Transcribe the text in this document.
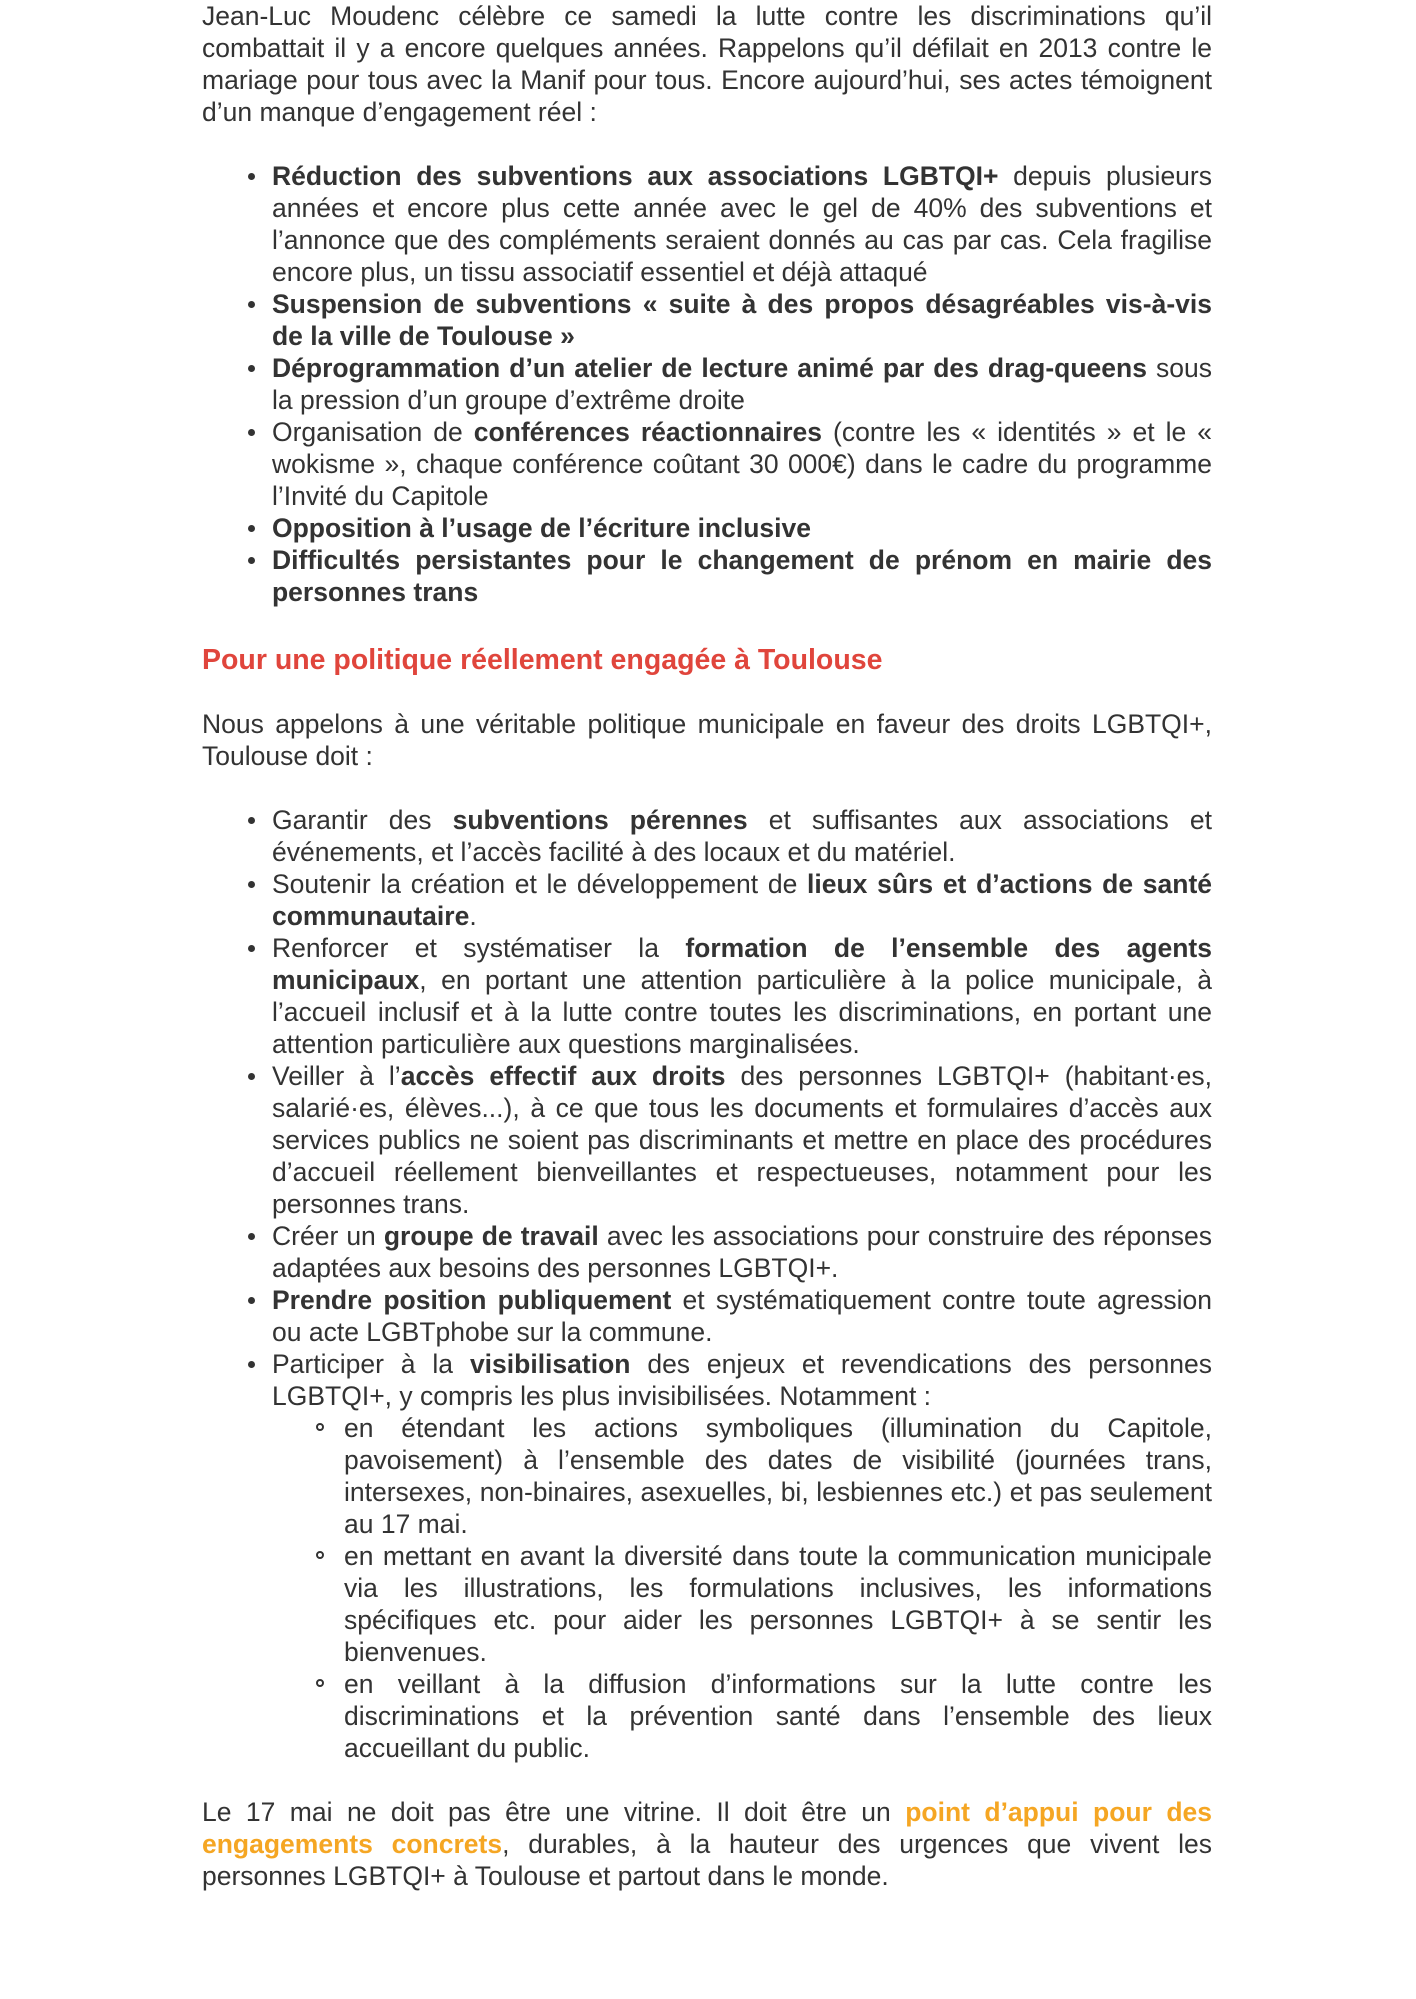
Jean-Luc Moudenc célèbre ce samedi la lutte contre les discriminations qu’il combattait il y a encore quelques années. Rappelons qu’il défilait en 2013 contre le mariage pour tous avec la Manif pour tous. Encore aujourd’hui, ses actes témoignent d’un manque d’engagement réel :

Réduction des subventions aux associations LGBTQI+ depuis plusieurs années et encore plus cette année avec le gel de 40% des subventions et l’annonce que des compléments seraient donnés au cas par cas. Cela fragilise encore plus, un tissu associatif essentiel et déjà attaqué
Suspension de subventions « suite à des propos désagréables vis-à-vis de la ville de Toulouse »
Déprogrammation d’un atelier de lecture animé par des drag-queens sous la pression d’un groupe d’extrême droite
Organisation de conférences réactionnaires (contre les « identités » et le « wokisme », chaque conférence coûtant 30 000€) dans le cadre du programme l’Invité du Capitole
Opposition à l’usage de l’écriture inclusive
Difficultés persistantes pour le changement de prénom en mairie des personnes trans

Pour une politique réellement engagée à Toulouse

Nous appelons à une véritable politique municipale en faveur des droits LGBTQI+, Toulouse doit :

Garantir des subventions pérennes et suffisantes aux associations et événements, et l’accès facilité à des locaux et du matériel.
Soutenir la création et le développement de lieux sûrs et d’actions de santé communautaire.
Renforcer et systématiser la formation de l’ensemble des agents municipaux, en portant une attention particulière à la police municipale, à l’accueil inclusif et à la lutte contre toutes les discriminations, en portant une attention particulière aux questions marginalisées.
Veiller à l’accès effectif aux droits des personnes LGBTQI+ (habitant·es, salarié·es, élèves...), à ce que tous les documents et formulaires d’accès aux services publics ne soient pas discriminants et mettre en place des procédures d’accueil réellement bienveillantes et respectueuses, notamment pour les personnes trans.
Créer un groupe de travail avec les associations pour construire des réponses adaptées aux besoins des personnes LGBTQI+.
Prendre position publiquement et systématiquement contre toute agression ou acte LGBTphobe sur la commune.
Participer à la visibilisation des enjeux et revendications des personnes LGBTQI+, y compris les plus invisibilisées. Notamment :
en étendant les actions symboliques (illumination du Capitole, pavoisement) à l’ensemble des dates de visibilité (journées trans, intersexes, non-binaires, asexuelles, bi, lesbiennes etc.) et pas seulement au 17 mai.
en mettant en avant la diversité dans toute la communication municipale via les illustrations, les formulations inclusives, les informations spécifiques etc. pour aider les personnes LGBTQI+ à se sentir les bienvenues.
en veillant à la diffusion d’informations sur la lutte contre les discriminations et la prévention santé dans l’ensemble des lieux accueillant du public.

Le 17 mai ne doit pas être une vitrine. Il doit être un point d’appui pour des engagements concrets, durables, à la hauteur des urgences que vivent les personnes LGBTQI+ à Toulouse et partout dans le monde.
